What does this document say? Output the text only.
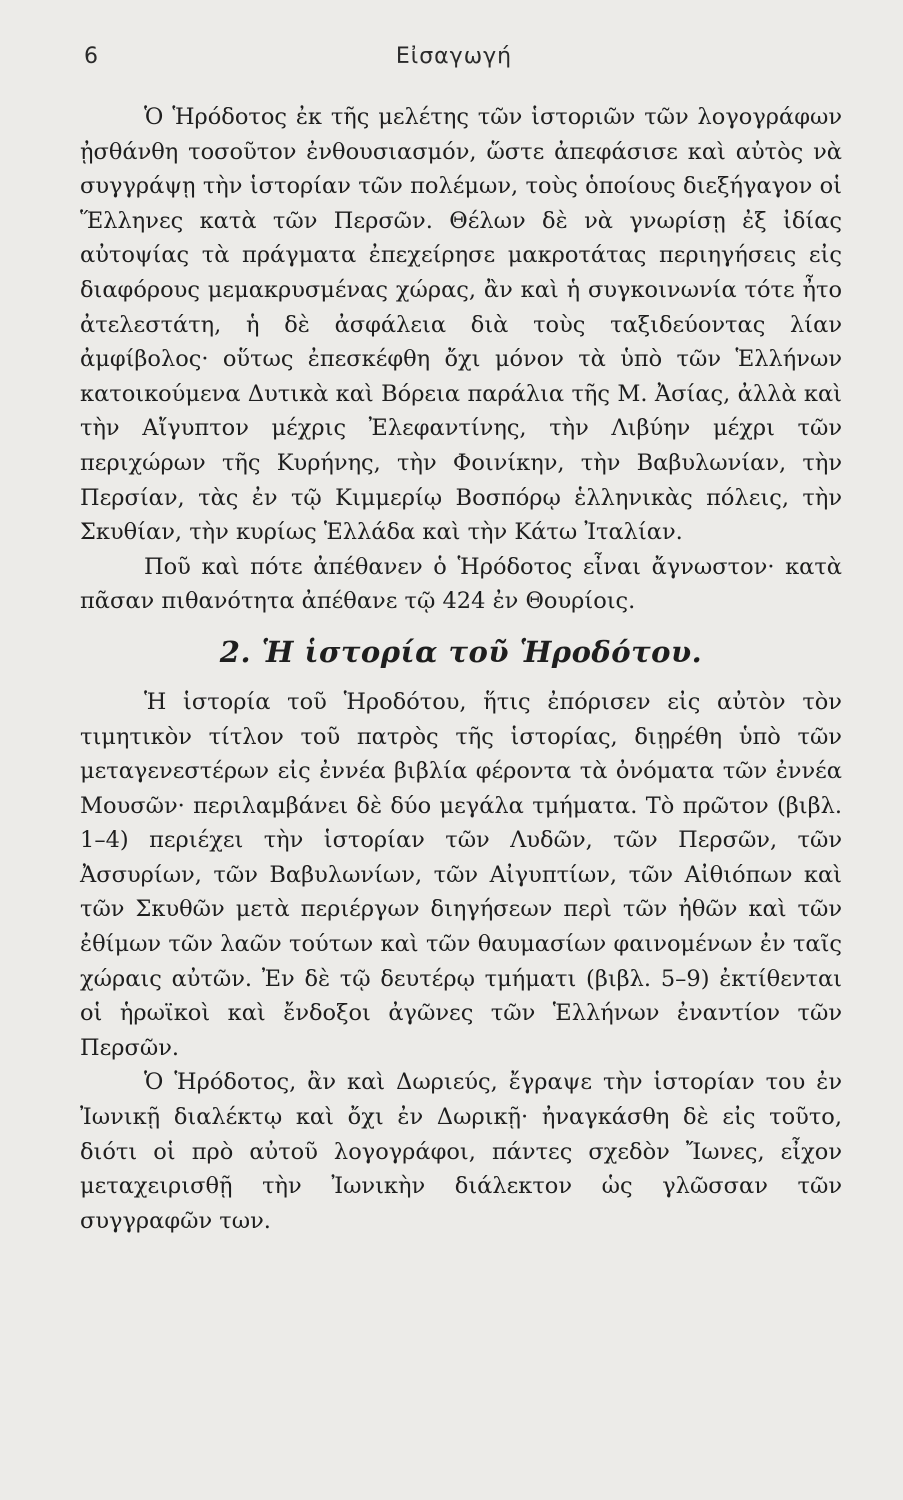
6	Εἰσαγωγή

Ὁ Ἡρόδοτος ἐκ τῆς μελέτης τῶν ἱστοριῶν τῶν λογογράφων ᾐσθάνθη τοσοῦτον ἐνθουσιασμόν, ὥστε ἀπεφάσισε καὶ αὐτὸς νὰ συγγράψῃ τὴν ἱστορίαν τῶν πολέμων, τοὺς ὁποίους διεξήγαγον οἱ Ἕλληνες κατὰ τῶν Περσῶν. Θέλων δὲ νὰ γνωρίσῃ ἐξ ἰδίας αὐτοψίας τὰ πράγματα ἐπεχείρησε μακροτάτας περιηγήσεις εἰς διαφόρους μεμακρυσμένας χώρας, ἂν καὶ ἡ συγκοινωνία τότε ἦτο ἀτελεστάτη, ἡ δὲ ἀσφάλεια διὰ τοὺς ταξιδεύοντας λίαν ἀμφίβολος· οὕτως ἐπεσκέφθη ὄχι μόνον τὰ ὑπὸ τῶν Ἑλλήνων κατοικούμενα Δυτικὰ καὶ Βόρεια παράλια τῆς Μ. Ἀσίας, ἀλλὰ καὶ τὴν Αἴγυπτον μέχρις Ἐλεφαντίνης, τὴν Λιβύην μέχρι τῶν περιχώρων τῆς Κυρήνης, τὴν Φοινίκην, τὴν Βαβυλωνίαν, τὴν Περσίαν, τὰς ἐν τῷ Κιμμερίῳ Βοσπόρῳ ἑλληνικὰς πόλεις, τὴν Σκυθίαν, τὴν κυρίως Ἑλλάδα καὶ τὴν Κάτω Ἰταλίαν.

Ποῦ καὶ πότε ἀπέθανεν ὁ Ἡρόδοτος εἶναι ἄγνωστον· κατὰ πᾶσαν πιθανότητα ἀπέθανε τῷ 424 ἐν Θουρίοις.

2. Ἡ ἱστορία τοῦ Ἡροδότου.

Ἡ ἱστορία τοῦ Ἡροδότου, ἥτις ἐπόρισεν εἰς αὐτὸν τὸν τιμητικὸν τίτλον τοῦ πατρὸς τῆς ἱστορίας, διῃρέθη ὑπὸ τῶν μεταγενεστέρων εἰς ἐννέα βιβλία φέροντα τὰ ὀνόματα τῶν ἐννέα Μουσῶν· περιλαμβάνει δὲ δύο μεγάλα τμήματα. Τὸ πρῶτον (βιβλ. 1–4) περιέχει τὴν ἱστορίαν τῶν Λυδῶν, τῶν Περσῶν, τῶν Ἀσσυρίων, τῶν Βαβυλωνίων, τῶν Αἰγυπτίων, τῶν Αἰθιόπων καὶ τῶν Σκυθῶν μετὰ περιέργων διηγήσεων περὶ τῶν ἠθῶν καὶ τῶν ἐθίμων τῶν λαῶν τούτων καὶ τῶν θαυμασίων φαινομένων ἐν ταῖς χώραις αὐτῶν. Ἐν δὲ τῷ δευτέρῳ τμήματι (βιβλ. 5–9) ἐκτίθενται οἱ ἡρωϊκοὶ καὶ ἔνδοξοι ἀγῶνες τῶν Ἑλλήνων ἐναντίον τῶν Περσῶν.

Ὁ Ἡρόδοτος, ἂν καὶ Δωριεύς, ἔγραψε τὴν ἱστορίαν του ἐν Ἰωνικῇ διαλέκτῳ καὶ ὄχι ἐν Δωρικῇ· ἠναγκάσθη δὲ εἰς τοῦτο, διότι οἱ πρὸ αὐτοῦ λογογράφοι, πάντες σχεδὸν Ἴωνες, εἶχον μεταχειρισθῇ τὴν Ἰωνικὴν διάλεκτον ὡς γλῶσσαν τῶν συγγραφῶν των.
